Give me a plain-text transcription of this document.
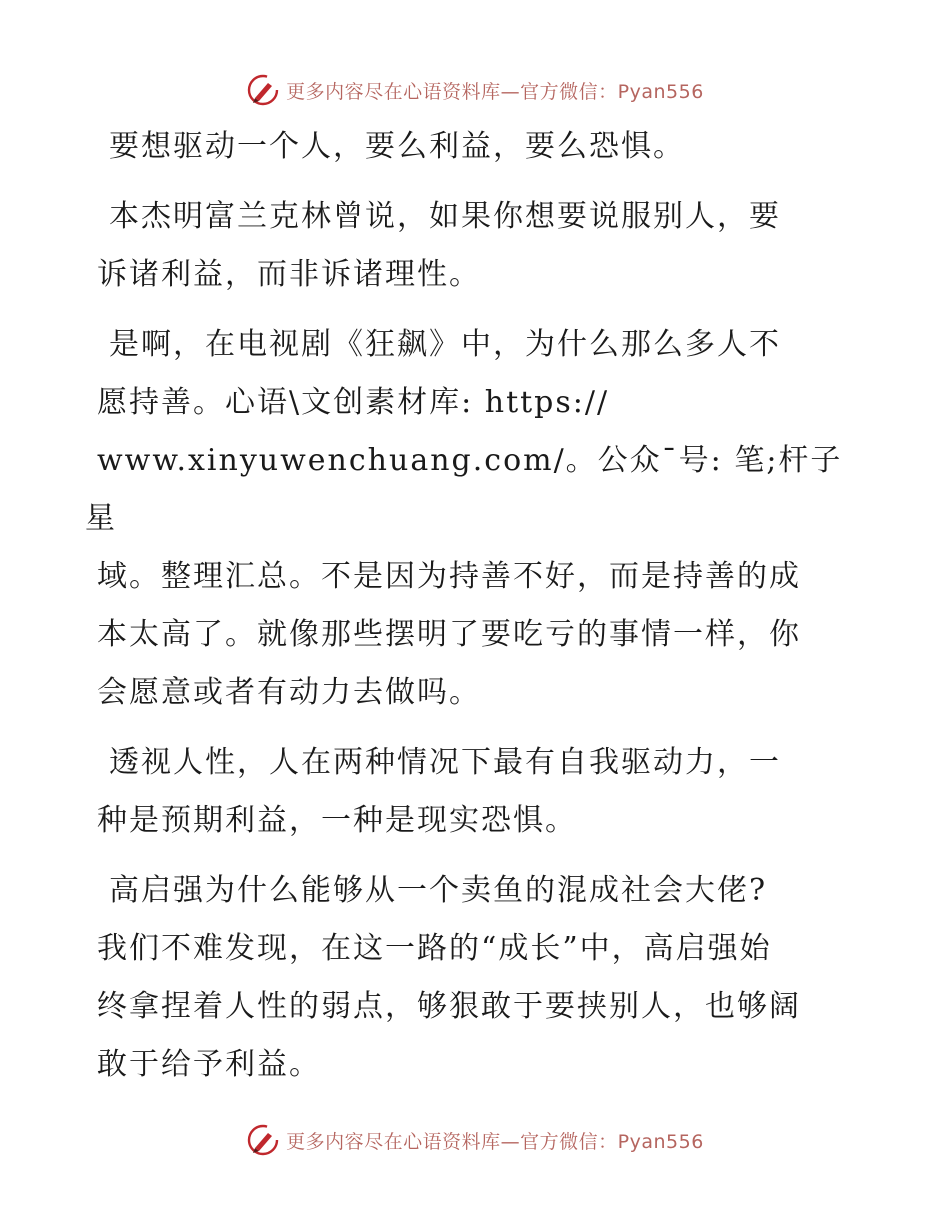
更多内容尽在心语资料库—官方微信：Pyan556

要想驱动一个人，要么利益，要么恐惧。

本杰明富兰克林曾说，如果你想要说服别人，要
诉诸利益，而非诉诸理性。

是啊，在电视剧《狂飙》中，为什么那么多人不
愿持善。心语\文创素材库: https://
www.xinyuwenchuang.com/。公众¯号: 笔;杆子星
域。整理汇总。不是因为持善不好，而是持善的成
本太高了。就像那些摆明了要吃亏的事情一样，你
会愿意或者有动力去做吗。

透视人性，人在两种情况下最有自我驱动力，一
种是预期利益，一种是现实恐惧。

高启强为什么能够从一个卖鱼的混成社会大佬?
我们不难发现，在这一路的“成长”中，高启强始
终拿捏着人性的弱点，够狠敢于要挟别人，也够阔
敢于给予利益。

更多内容尽在心语资料库—官方微信：Pyan556
